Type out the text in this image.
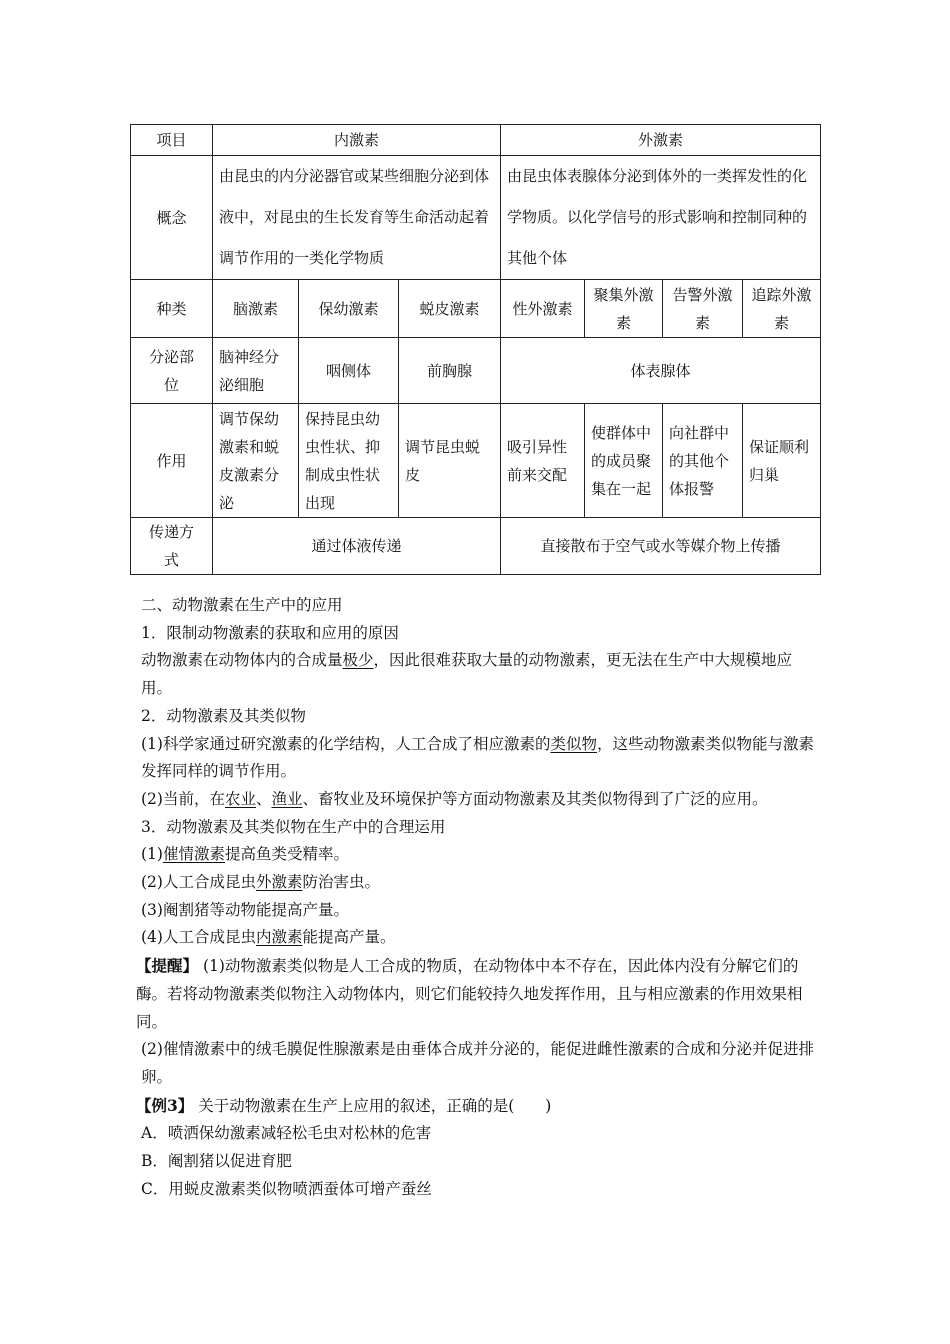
项目	内激素			外激素			
概念	由昆虫的内分泌器官或某些细胞分泌到体液中，对昆虫的生长发育等生命活动起着调节作用的一类化学物质			由昆虫体表腺体分泌到体外的一类挥发性的化学物质。以化学信号的形式影响和控制同种的其他个体			
种类	脑激素	保幼激素	蜕皮激素	性外激素	聚集外激素	告警外激素	追踪外激素
分泌部位	脑神经分泌细胞	咽侧体	前胸腺	体表腺体			
作用	调节保幼激素和蜕皮激素分泌	保持昆虫幼虫性状、抑制成虫性状出现	调节昆虫蜕皮	吸引异性前来交配	使群体中的成员聚集在一起	向社群中的其他个体报警	保证顺利归巢
传递方式	通过体液传递			直接散布于空气或水等媒介物上传播			

二、动物激素在生产中的应用

1．限制动物激素的获取和应用的原因

动物激素在动物体内的合成量极少，因此很难获取大量的动物激素，更无法在生产中大规模地应用。

2．动物激素及其类似物

(1)科学家通过研究激素的化学结构，人工合成了相应激素的类似物，这些动物激素类似物能与激素发挥同样的调节作用。

(2)当前，在农业、渔业、畜牧业及环境保护等方面动物激素及其类似物得到了广泛的应用。

3．动物激素及其类似物在生产中的合理运用

(1)催情激素提高鱼类受精率。

(2)人工合成昆虫外激素防治害虫。

(3)阉割猪等动物能提高产量。

(4)人工合成昆虫内激素能提高产量。

【提醒】 (1)动物激素类似物是人工合成的物质，在动物体中本不存在，因此体内没有分解它们的酶。若将动物激素类似物注入动物体内，则它们能较持久地发挥作用，且与相应激素的作用效果相同。

(2)催情激素中的绒毛膜促性腺激素是由垂体合成并分泌的，能促进雌性激素的合成和分泌并促进排卵。

【例3】 关于动物激素在生产上应用的叙述，正确的是(　　)

A．喷洒保幼激素减轻松毛虫对松林的危害

B．阉割猪以促进育肥

C．用蜕皮激素类似物喷洒蚕体可增产蚕丝
